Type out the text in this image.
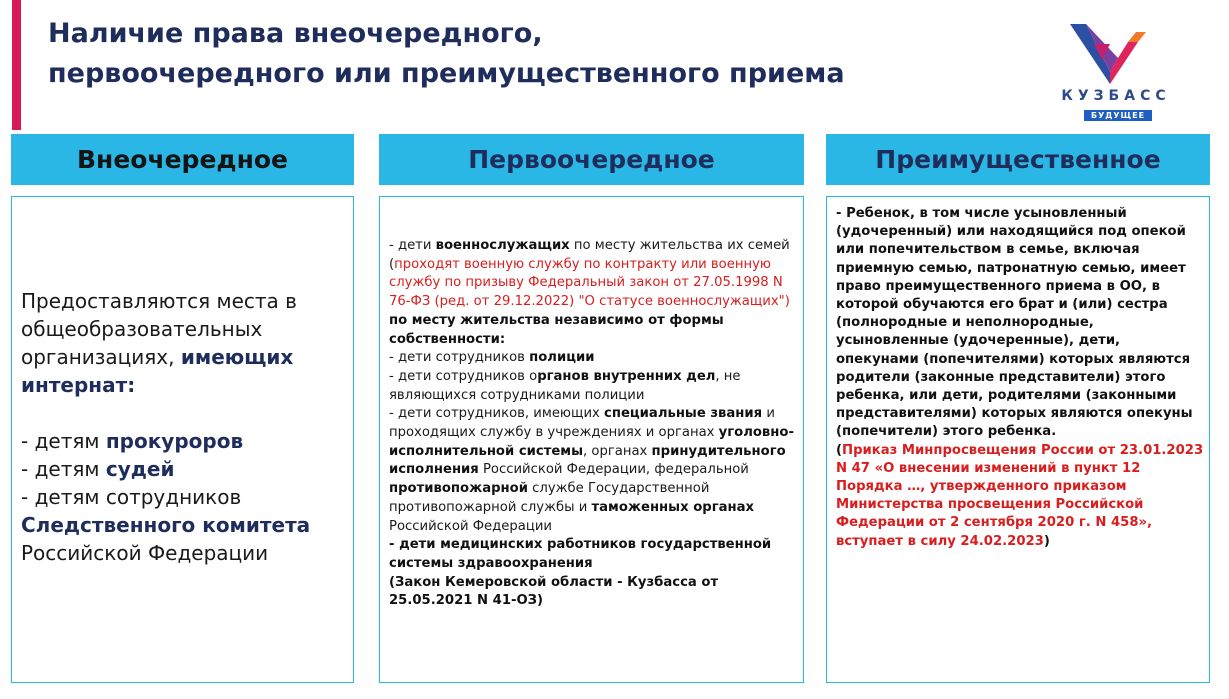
Наличие права внеочередного,
первоочередного или преимущественного приема
КУЗБАСС
БУДУЩЕЕ
Внеочередное	Первоочередное	Преимущественное

Предоставляются места в общеобразовательных организациях, имеющих интернат:

- детям прокуроров

- детям судей

- детям сотрудников Следственного комитета Российской Федерации

- дети военнослужащих по месту жительства их семей (проходят военную службу по контракту или военную службу по призыву Федеральный закон от 27.05.1998 N 76-ФЗ (ред. от 29.12.2022) "О статусе военнослужащих")

по месту жительства независимо от формы собственности:

- дети сотрудников полиции

- дети сотрудников органов внутренних дел, не являющихся сотрудниками полиции

- дети сотрудников, имеющих специальные звания и проходящих службу в учреждениях и органах уголовно-исполнительной системы, органах принудительного исполнения Российской Федерации, федеральной противопожарной службе Государственной противопожарной службы и таможенных органах Российской Федерации

- дети медицинских работников государственной системы здравоохранения

(Закон Кемеровской области - Кузбасса от 25.05.2021 N 41-ОЗ)

- Ребенок, в том числе усыновленный (удочеренный) или находящийся под опекой или попечительством в семье, включая приемную семью, патронатную семью, имеет право преимущественного приема в ОО, в которой обучаются его брат и (или) сестра (полнородные и неполнородные, усыновленные (удочеренные), дети, опекунами (попечителями) которых являются родители (законные представители) этого ребенка, или дети, родителями (законными представителями) которых являются опекуны (попечители) этого ребенка.

(Приказ Минпросвещения России от 23.01.2023 N 47 «О внесении изменений в пункт 12 Порядка …, утвержденного приказом Министерства просвещения Российской Федерации от 2 сентября 2020 г. N 458», вступает в силу 24.02.2023)
